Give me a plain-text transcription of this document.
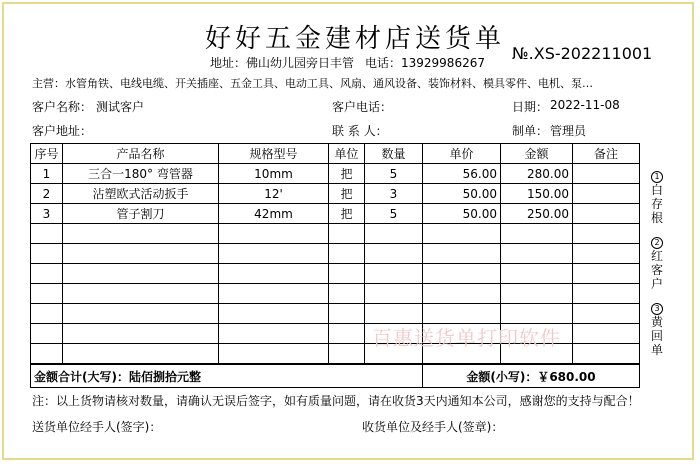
好好五金建材店送货单 №.XS-202211001
地址：佛山幼儿园旁日丰管 电话：13929986267
主营：水管角铁、电线电缆、开关插座、五金工具、电动工具、风扇、通风设备、装饰材料、模具零件、电机、泵…
客户名称： 测试客户	客户电话：	日期： 2022-11-08
客户地址：	联 系 人：	制单： 管理员
序号	产品名称	规格型号	单位	数量	单价	金额	备注
1	三合一180° 弯管器	10mm	把	5	56.00	280.00	
2	沾塑欧式活动扳手	12'	把	3	50.00	150.00	
3	管子割刀	42mm	把	5	50.00	250.00	

金额合计(大写)：陆佰捌拾元整					金额(小写)：￥680.00		
1 白存根
2 红客户
3 黄回单
百惠送货单打印软件
注：以上货物请核对数量，请确认无误后签字，如有质量问题，请在收货3天内通知本公司，感谢您的支持与配合！
送货单位经手人(签字)：	收货单位及经手人(签章)：
